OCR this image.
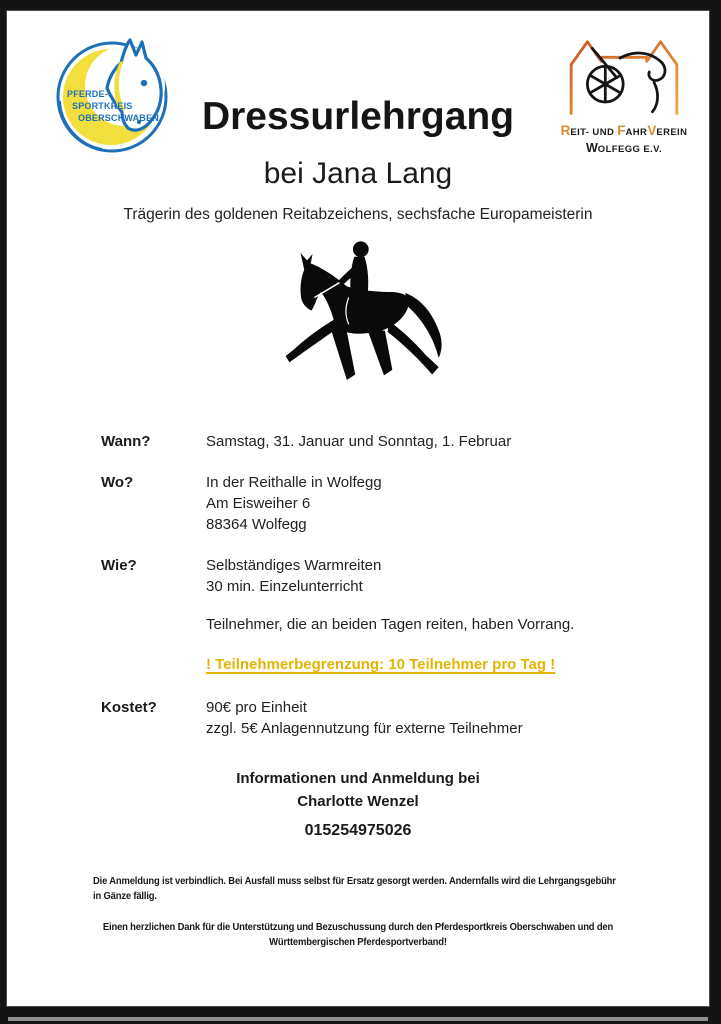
PFERDE-
SPORTKREIS
OBERSCHWABEN
REIT- UND FAHRVEREIN
WOLFEGG E.V.
Dressurlehrgang
bei Jana Lang
Trägerin des goldenen Reitabzeichens, sechsfache Europameisterin
Wann?	Samstag, 31. Januar und Sonntag, 1. Februar
Wo?	In der Reithalle in Wolfegg
Am Eisweiher 6
88364 Wolfegg
Wie?	Selbständiges Warmreiten
30 min. Einzelunterricht
Teilnehmer, die an beiden Tagen reiten, haben Vorrang.
! Teilnehmerbegrenzung: 10 Teilnehmer pro Tag !
Kostet?	90€ pro Einheit
zzgl. 5€ Anlagennutzung für externe Teilnehmer
Informationen und Anmeldung bei
Charlotte Wenzel
015254975026
Die Anmeldung ist verbindlich. Bei Ausfall muss selbst für Ersatz gesorgt werden. Andernfalls wird die Lehrgangsgebühr
in Gänze fällig.
Einen herzlichen Dank für die Unterstützung und Bezuschussung durch den Pferdesportkreis Oberschwaben und den
Württembergischen Pferdesportverband!
